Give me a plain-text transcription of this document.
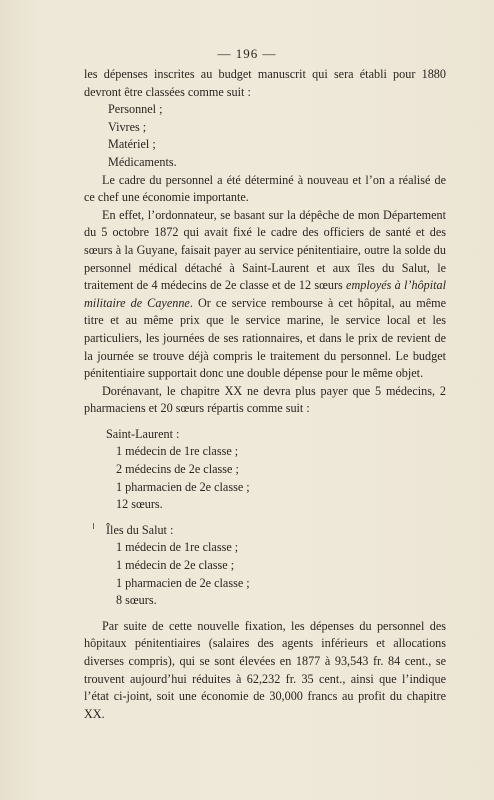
— 196 —

les dépenses inscrites au budget manuscrit qui sera établi pour 1880 devront être classées comme suit :

Personnel ;

Vivres ;

Matériel ;

Médicaments.

Le cadre du personnel a été déterminé à nouveau et l’on a réalisé de ce chef une économie importante.

En effet, l’ordonnateur, se basant sur la dépêche de mon Département du 5 octobre 1872 qui avait fixé le cadre des officiers de santé et des sœurs à la Guyane, faisait payer au service pénitentiaire, outre la solde du personnel médical détaché à Saint-Laurent et aux îles du Salut, le traitement de 4 médecins de 2e classe et de 12 sœurs employés à l’hôpital militaire de Cayenne. Or ce service rembourse à cet hôpital, au même titre et au même prix que le service marine, le service local et les particuliers, les journées de ses rationnaires, et dans le prix de revient de la journée se trouve déjà compris le traitement du personnel. Le budget pénitentiaire supportait donc une double dépense pour le même objet.

Dorénavant, le chapitre XX ne devra plus payer que 5 médecins, 2 pharmaciens et 20 sœurs répartis comme suit :

Saint-Laurent :

1 médecin de 1re classe ;

2 médecins de 2e classe ;

1 pharmacien de 2e classe ;

12 sœurs.

Îles du Salut :

1 médecin de 1re classe ;

1 médecin de 2e classe ;

1 pharmacien de 2e classe ;

8 sœurs.

Par suite de cette nouvelle fixation, les dépenses du personnel des hôpitaux pénitentiaires (salaires des agents inférieurs et allocations diverses compris), qui se sont élevées en 1877 à 93,543 fr. 84 cent., se trouvent aujourd’hui réduites à 62,232 fr. 35 cent., ainsi que l’indique l’état ci-joint, soit une économie de 30,000 francs au profit du chapitre XX.
